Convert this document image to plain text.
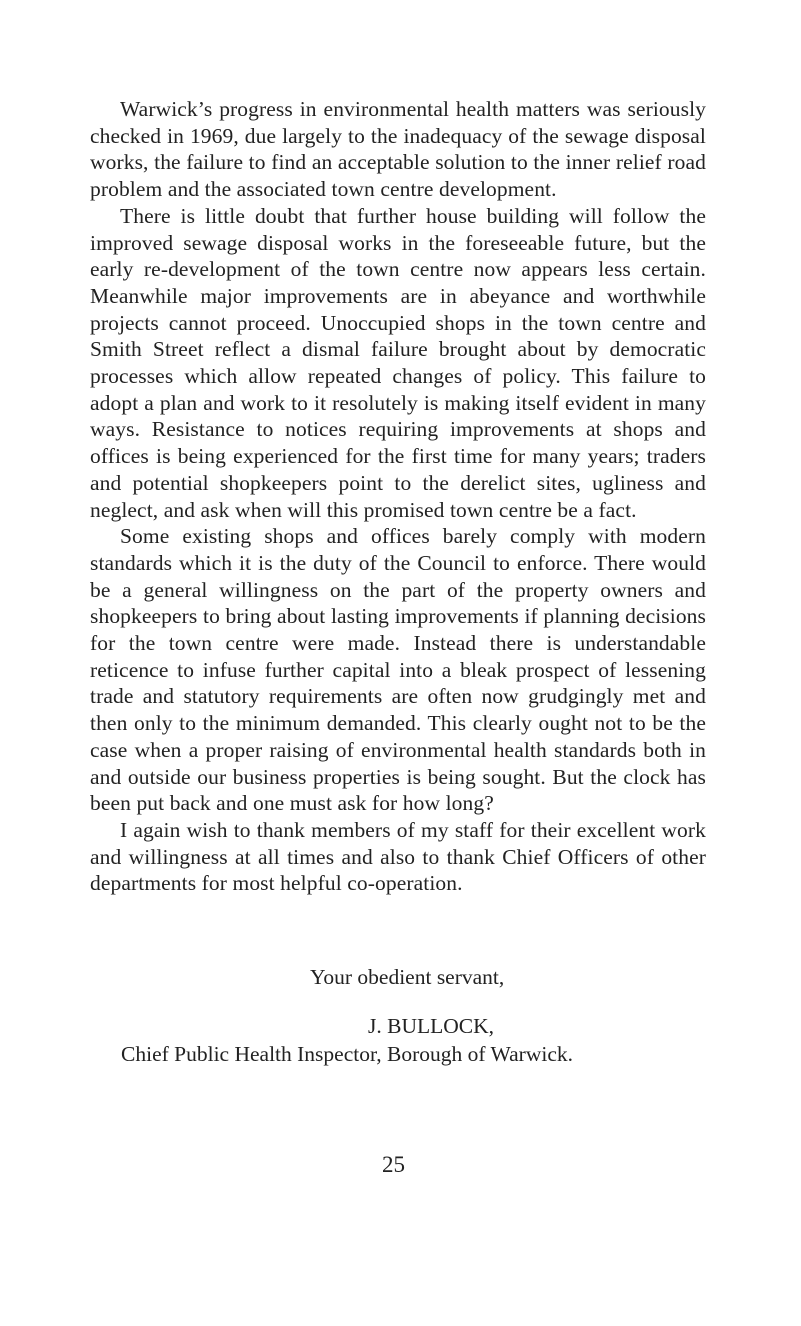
Warwick’s progress in environmental health matters was seriously checked in 1969, due largely to the inadequacy of the sewage disposal works, the failure to find an acceptable solution to the inner relief road problem and the associated town centre development.

There is little doubt that further house building will follow the improved sewage disposal works in the foreseeable future, but the early re-development of the town centre now appears less certain. Meanwhile major improvements are in abeyance and worthwhile projects cannot proceed. Unoccupied shops in the town centre and Smith Street reflect a dismal failure brought about by democratic processes which allow repeated changes of policy. This failure to adopt a plan and work to it resolutely is making itself evident in many ways. Resistance to notices requiring improvements at shops and offices is being experienced for the first time for many years; traders and potential shopkeepers point to the derelict sites, ugliness and neglect, and ask when will this promised town centre be a fact.

Some existing shops and offices barely comply with modern standards which it is the duty of the Council to enforce. There would be a general willingness on the part of the property owners and shopkeepers to bring about lasting improvements if planning decisions for the town centre were made. Instead there is understandable reticence to infuse further capital into a bleak prospect of lessening trade and statutory requirements are often now grudgingly met and then only to the minimum demanded. This clearly ought not to be the case when a proper raising of environmental health standards both in and outside our business properties is being sought. But the clock has been put back and one must ask for how long?

I again wish to thank members of my staff for their excellent work and willingness at all times and also to thank Chief Officers of other departments for most helpful co-operation.

Your obedient servant,
J. BULLOCK,
Chief Public Health Inspector, Borough of Warwick.
25
